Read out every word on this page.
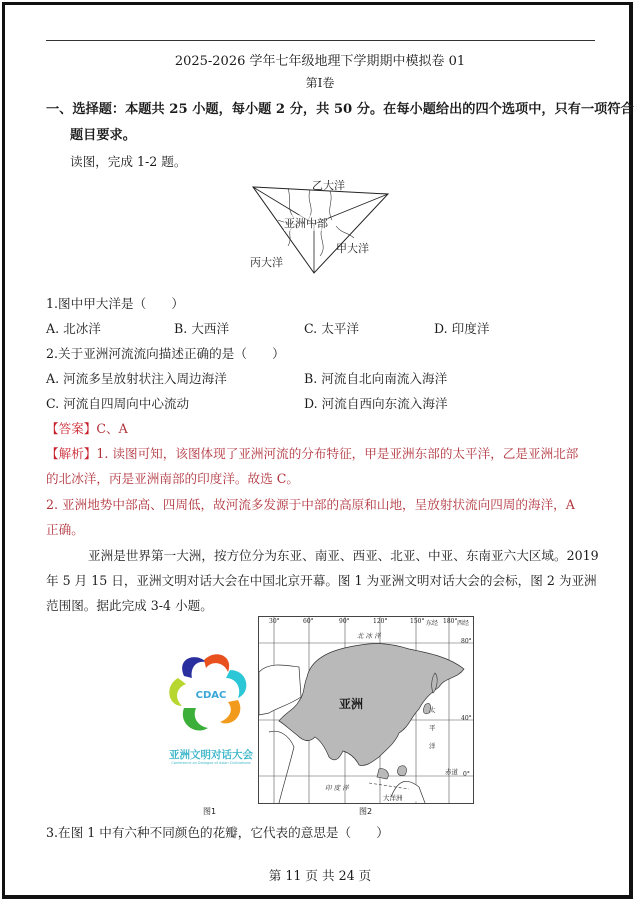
2025-2026 学年七年级地理下学期期中模拟卷 01
第I卷
一、选择题：本题共 25 小题，每小题 2 分，共 50 分。在每小题给出的四个选项中，只有一项符合
题目要求。
读图，完成 1-2 题。
乙大洋
亚洲中部
甲大洋
丙大洋
1.图中甲大洋是（　　）
A. 北冰洋	B. 大西洋	C. 太平洋	D. 印度洋
2.关于亚洲河流流向描述正确的是（　　）
A. 河流多呈放射状注入周边海洋	B. 河流自北向南流入海洋
C. 河流自四周向中心流动	D. 河流自西向东流入海洋
【答案】C、A
【解析】1. 读图可知，该图体现了亚洲河流的分布特征，甲是亚洲东部的太平洋，乙是亚洲北部
的北冰洋，丙是亚洲南部的印度洋。故选 C。
2. 亚洲地势中部高、四周低，故河流多发源于中部的高原和山地，呈放射状流向四周的海洋，A
正确。
亚洲是世界第一大洲，按方位分为东亚、南亚、西亚、北亚、中亚、东南亚六大区域。2019
年 5 月 15 日，亚洲文明对话大会在中国北京开幕。图 1 为亚洲文明对话大会的会标，图 2 为亚洲
范围图。据此完成 3-4 小题。
CDAC
亚洲文明对话大会
Conference on Dialogue of Asian Civilizations
图1
30°	60°	90°	120°	150° 东经 180° 西经
80°
40°
0°
北 冰 洋
亚洲	太
平
洋
赤道
印 度 洋
大洋洲
图2
3.在图 1 中有六种不同颜色的花瓣，它代表的意思是（　　）
第 11 页 共 24 页
